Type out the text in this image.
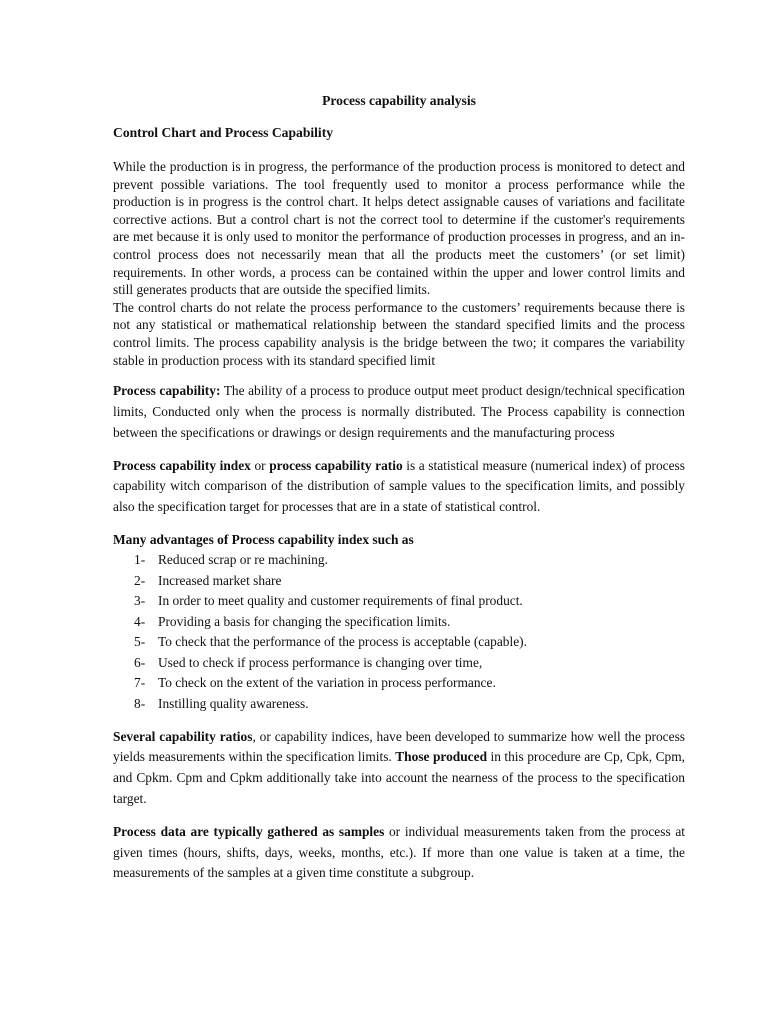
Process capability analysis
Control Chart and Process Capability

While the production is in progress, the performance of the production process is monitored to detect and prevent possible variations. The tool frequently used to monitor a process performance while the production is in progress is the control chart. It helps detect assignable causes of variations and facilitate corrective actions. But a control chart is not the correct tool to determine if the customer's requirements are met because it is only used to monitor the performance of production processes in progress, and an in-control process does not necessarily mean that all the products meet the customers’ (or set limit) requirements. In other words, a process can be contained within the upper and lower control limits and still generates products that are outside the specified limits.

The control charts do not relate the process performance to the customers’ requirements because there is not any statistical or mathematical relationship between the standard specified limits and the process control limits. The process capability analysis is the bridge between the two; it compares the variability stable in production process with its standard specified limit

Process capability: The ability of a process to produce output meet product design/technical specification limits, Conducted only when the process is normally distributed. The Process capability is connection between the specifications or drawings or design requirements and the manufacturing process

Process capability index or process capability ratio is a statistical measure (numerical index) of process capability witch comparison of the distribution of sample values to the specification limits, and possibly also the specification target for processes that are in a state of statistical control.

Many advantages of Process capability index such as

1- Reduced scrap or re machining.
2- Increased market share
3- In order to meet quality and customer requirements of final product.
4- Providing a basis for changing the specification limits.
5- To check that the performance of the process is acceptable (capable).
6- Used to check if process performance is changing over time,
7- To check on the extent of the variation in process performance.
8- Instilling quality awareness.

Several capability ratios, or capability indices, have been developed to summarize how well the process yields measurements within the specification limits. Those produced in this procedure are Cp, Cpk, Cpm, and Cpkm. Cpm and Cpkm additionally take into account the nearness of the process to the specification target.

Process data are typically gathered as samples or individual measurements taken from the process at given times (hours, shifts, days, weeks, months, etc.). If more than one value is taken at a time, the measurements of the samples at a given time constitute a subgroup.
